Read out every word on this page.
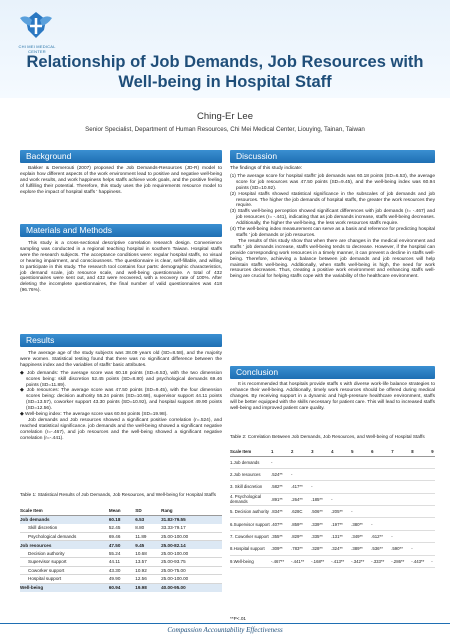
CHI MEI MEDICAL CENTER
Relationship of Job Demands, Job Resources with Well-being in Hospital Staff
Ching-Er Lee
Senior Specialist, Department of Human Resources, Chi Mei Medical Center, Liouying, Tainan, Taiwan
Background

Bakker & Demerouti (2007) proposed the Job Demands-Resources (JD-R) model to explain how different aspects of the work environment lead to positive and negative well-being and work results, and work happiness helps staffs achieve work goals, and the positive feeling of fulfilling their potential. Therefore, this study uses the job requirements resource model to explore the impact of hospital staffs ' happiness.

Materials and Methods

This study is a cross-sectional descriptive correlation research design. Convenience sampling was conducted in a regional teaching hospital in southern Taiwan. Hospital staffs were the research subjects. The acceptance conditions were: regular hospital staffs, no visual or hearing impairment, and consciousness. The questionnaire is clear, self-fillable, and willing to participate in this study. The research tool contains four parts: demographic characteristics, job demand scale, job resource scale, and well-being questionnaire. A total of 432 questionnaires were sent out, and 432 were recovered, with a recovery rate of 100%. After deleting the incomplete questionnaires, the final number of valid questionnaires was 418 (96.76%).

Results

The average age of the study subjects was 38.09 years old (SD=8.58), and the majority were women. Statistical testing found that there was no significant difference between the happiness index and the variables of staffs' basic attributes.

◆ Job demands: The average score was 60.18 points (SD=6.53), with the two dimension scores being: skill discretion 52.45 points (SD=8.80) and psychological demands 69.46 points (SD=11.89).
◆ Job resources: The average score was 47.50 points (SD=9.45), with the four dimension scores being: decision authority 55.24 points (SD=10.68), supervisor support 44.11 points (SD=13.57), coworker support 43.30 points (SD=10.92), and hospital support 49.90 points (SD=12.56).
◆ Well-being index: The average score was 60.94 points (SD=19.98).

Job demands and Job resources showed a significant positive correlation (r=.524), and reached statistical significance. job demands and the well-being showed a significant negative correlation (r=-.467), and job resources and the well-being showed a significant negative correlation (r=-.441).

Table 1: Statistical Results of Job Demands, Job Resources, and Well-being for Hospital Staffs
Scale Item	Mean	SD	Rang
Job demands	60.18	6.53	31.82-79.55
Skill discretion	52.45	8.80	33.33-79.17
Psychological demands	69.46	11.89	25.00-100.00
Job resources	47.50	9.45	25.00-82.14
Decision authority	55.24	10.68	25.00-100.00
Supervisor support	44.11	13.57	25.00-93.75
Coworker support	43.30	10.92	25.00-75.00
Hospital support	49.90	12.56	25.00-100.00
Well-being	60.94	19.98	40.00-95.00
Discussion

The findings of this study indicate:

(1) The average score for hospital staffs' job demands was 60.18 points (SD=6.53), the average score for job resources was 47.50 points (SD=9.45), and the well-being index was 60.94 points (SD=10.92).
(2) Hospital staffs showed statistical significance in the subscales of job demands and job resources. The higher the job demands of hospital staffs, the greater the work resources they require.
(3) Staffs well-being perception showed significant differences with job demands (r= -.467) and job resources (r= -.441), indicating that as job demands increase, staffs well-being decreases. Additionally, the higher the well-being, the less work resources staffs require.
(4) The well-being index measurement can serve as a basis and reference for predicting hospital staffs ' job demands or job resources.

The results of this study show that when there are changes in the medical environment and staffs ' job demands increase, staffs well-being tends to decrease. However, if the hospital can provide corresponding work resources in a timely manner, it can prevent a decline in staffs well-being. Therefore, achieving a balance between job demands and job resources will help maintain staffs well-being. Additionally, when staffs well-being is high, the need for work resources decreases. Thus, creating a positive work environment and enhancing staffs well-being are crucial for helping staffs cope with the variability of the healthcare environment.

Conclusion

It is recommended that hospitals provide staffs s with diverse work-life balance strategies to enhance their well-being. Additionally, timely work resources should be offered during medical changes. By receiving support in a dynamic and high-pressure healthcare environment, staffs will be better equipped with the skills necessary for patient care. This will lead to increased staffs well-being and improved patient care quality.

Table 2: Correlation Between Job Demands, Job Resources, and Well-being of Hospital Staffs
Scale Item	1	2	3	4	5	6	7	8	9
1.Job demands	-								
2.Job resources	.524**	-							
3. Skill discretion	.582**	.417**	-						
4. Psychological demands	.891**	.264**	.185**	-					
5. Decision authority	.834**	.628C	.506**	.205**	-				
6.Supervisor support	.407**	.859**	.339**	.197**	.380**	-			
7. Coworker support	.355**	.829**	.335**	.131**	.349**	.612**	-		
8.Hospital support	.309**	.783**	.328**	.324**	.389**	.536**	.590**	-	
9.Well-being	-.467**	-.441**	-.168**	-.413**	-.342**	-.333**	-.286**	-.443**	-
**P<.01
Compassion Accountability Effectiveness
